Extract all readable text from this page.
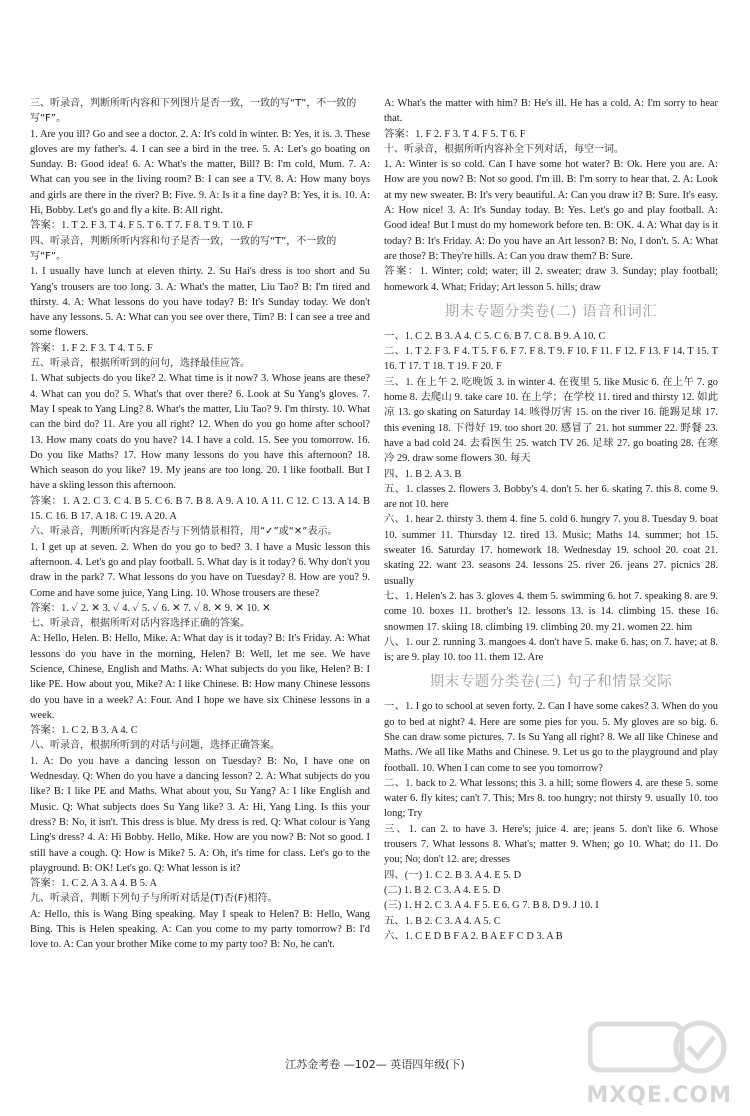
三、听录音，判断所听内容和下列图片是否一致，一致的写“T”，不一致的写“F”。
1. Are you ill? Go and see a doctor. 2. A: It's cold in winter. B: Yes, it is. 3. These gloves are my father's. 4. I can see a bird in the tree. 5. A: Let's go boating on Sunday. B: Good idea! 6. A: What's the matter, Bill? B: I'm cold, Mum. 7. A: What can you see in the living room? B: I can see a TV. 8. A: How many boys and girls are there in the river? B: Five. 9. A: Is it a fine day? B: Yes, it is. 10. A: Hi, Bobby. Let's go and fly a kite. B: All right.
答案：1. T 2. F 3. T 4. F 5. T 6. T 7. F 8. T 9. T 10. F
四、听录音，判断所听内容和句子是否一致，一致的写“T”，不一致的写“F”。
1. I usually have lunch at eleven thirty. 2. Su Hai's dress is too short and Su Yang's trousers are too long. 3. A: What's the matter, Liu Tao? B: I'm tired and thirsty. 4. A: What lessons do you have today? B: It's Sunday today. We don't have any lessons. 5. A: What can you see over there, Tim? B: I can see a tree and some flowers.
答案：1. F 2. F 3. T 4. T 5. F
五、听录音，根据所听到的问句，选择最佳应答。
1. What subjects do you like? 2. What time is it now? 3. Whose jeans are these? 4. What can you do? 5. What's that over there? 6. Look at Su Yang's gloves. 7. May I speak to Yang Ling? 8. What's the matter, Liu Tao? 9. I'm thirsty. 10. What can the bird do? 11. Are you all right? 12. When do you go home after school? 13. How many coats do you have? 14. I have a cold. 15. See you tomorrow. 16. Do you like Maths? 17. How many lessons do you have this afternoon? 18. Which season do you like? 19. My jeans are too long. 20. I like football. But I have a skiing lesson this afternoon.
答案：1. A 2. C 3. C 4. B 5. C 6. B 7. B 8. A 9. A 10. A 11. C 12. C 13. A 14. B 15. C 16. B 17. A 18. C 19. A 20. A
六、听录音，判断所听内容是否与下列情景相符，用“✓”或“✕”表示。
1. I get up at seven. 2. When do you go to bed? 3. I have a Music lesson this afternoon. 4. Let's go and play football. 5. What day is it today? 6. Why don't you draw in the park? 7. What lessons do you have on Tuesday? 8. How are you? 9. Come and have some juice, Yang Ling. 10. Whose trousers are these?
答案：1. ✓ 2. ✕ 3. ✓ 4. ✓ 5. ✓ 6. ✕ 7. ✓ 8. ✕ 9. ✕ 10. ✕
七、听录音，根据所听对话内容选择正确的答案。
A: Hello, Helen. B: Hello, Mike. A: What day is it today? B: It's Friday. A: What lessons do you have in the morning, Helen? B: Well, let me see. We have Science, Chinese, English and Maths. A: What subjects do you like, Helen? B: I like PE. How about you, Mike? A: I like Chinese. B: How many Chinese lessons do you have in a week? A: Four. And I hope we have six Chinese lessons in a week.
答案：1. C 2. B 3. A 4. C
八、听录音，根据所听到的对话与问题，选择正确答案。
1. A: Do you have a dancing lesson on Tuesday? B: No, I have one on Wednesday. Q: When do you have a dancing lesson? 2. A: What subjects do you like? B: I like PE and Maths. What about you, Su Yang? A: I like English and Music. Q: What subjects does Su Yang like? 3. A: Hi, Yang Ling. Is this your dress? B: No, it isn't. This dress is blue. My dress is red. Q: What colour is Yang Ling's dress? 4. A: Hi Bobby. Hello, Mike. How are you now? B: Not so good. I still have a cough. Q: How is Mike? 5. A: Oh, it's time for class. Let's go to the playground. B: OK! Let's go. Q: What lesson is it?
答案：1. C 2. A 3. A 4. B 5. A
九、听录音，判断下列句子与所听对话是(T)否(F)相符。
A: Hello, this is Wang Bing speaking. May I speak to Helen? B: Hello, Wang Bing. This is Helen speaking. A: Can you come to my party tomorrow? B: I'd love to. A: Can your brother Mike come to my party too? B: No, he can't.
A: What's the matter with him? B: He's ill. He has a cold. A: I'm sorry to hear that.
答案：1. F 2. F 3. T 4. F 5. T 6. F
十、听录音，根据所听内容补全下列对话，每空一词。
1. A: Winter is so cold. Can I have some hot water? B: Ok. Here you are. A: How are you now? B: Not so good. I'm ill. B: I'm sorry to hear that. 2. A: Look at my new sweater. B: It's very beautiful. A: Can you draw it? B: Sure. It's easy. A: How nice! 3. A: It's Sunday today. B: Yes. Let's go and play football. A: Good idea! But I must do my homework before ten. B: OK. 4. A: What day is it today? B: It's Friday. A: Do you have an Art lesson? B: No, I don't. 5. A: What are those? B: They're hills. A: Can you draw them? B: Sure.
答案：1. Winter; cold; water; ill 2. sweater; draw 3. Sunday; play football; homework 4. What; Friday; Art lesson 5. hills; draw
期末专题分类卷(二) 语音和词汇
一、1. C 2. B 3. A 4. C 5. C 6. B 7. C 8. B 9. A 10. C
二、1. T 2. F 3. F 4. T 5. F 6. F 7. F 8. T 9. F 10. F 11. F 12. F 13. F 14. T 15. T 16. T 17. T 18. T 19. F 20. F
三、1. 在上午 2. 吃晚饭 3. in winter 4. 在夜里 5. like Music 6. 在上午 7. go home 8. 去爬山 9. take care 10. 在上学；在学校 11. tired and thirsty 12. 如此凉 13. go skating on Saturday 14. 咳得厉害 15. on the river 16. 能踢足球 17. this evening 18. 下得好 19. too short 20. 感冒了 21. hot summer 22. 野餐 23. have a bad cold 24. 去看医生 25. watch TV 26. 足球 27. go boating 28. 在寒冷 29. draw some flowers 30. 每天
四、1. B 2. A 3. B
五、1. classes 2. flowers 3. Bobby's 4. don't 5. her 6. skating 7. this 8. come 9. are not 10. here
六、1. hear 2. thirsty 3. them 4. fine 5. cold 6. hungry 7. you 8. Tuesday 9. boat 10. summer 11. Thursday 12. tired 13. Music; Maths 14. summer; hot 15. sweater 16. Saturday 17. homework 18. Wednesday 19. school 20. coat 21. skating 22. want 23. seasons 24. lessons 25. river 26. jeans 27. picnics 28. usually
七、1. Helen's 2. has 3. gloves 4. them 5. swimming 6. hot 7. speaking 8. are 9. come 10. boxes 11. brother's 12. lessons 13. is 14. climbing 15. these 16. snowmen 17. skiing 18. climbing 19. climbing 20. my 21. women 22. him
八、1. our 2. running 3. mangoes 4. don't have 5. make 6. has; on 7. have; at 8. is; are 9. play 10. too 11. them 12. Are
期末专题分类卷(三) 句子和情景交际
一、1. I go to school at seven forty. 2. Can I have some cakes? 3. When do you go to bed at night? 4. Here are some pies for you. 5. My gloves are so big. 6. She can draw some pictures. 7. Is Su Yang all right? 8. We all like Chinese and Maths. /We all like Maths and Chinese. 9. Let us go to the playground and play football. 10. When I can come to see you tomorrow?
二、1. back to 2. What lessons; this 3. a hill; some flowers 4. are these 5. some water 6. fly kites; can't 7. This; Mrs 8. too hungry; not thirsty 9. usually 10. too long; Try
三、1. can 2. to have 3. Here's; juice 4. are; jeans 5. don't like 6. Whose trousers 7. What lessons 8. What's; matter 9. When; go 10. What; do 11. Do you; No; don't 12. are; dresses
四、(一) 1. C 2. B 3. A 4. E 5. D
(二) 1. B 2. C 3. A 4. E 5. D
(三) 1. H 2. C 3. A 4. F 5. E 6. G 7. B 8. D 9. J 10. I
五、1. B 2. C 3. A 4. A 5. C
六、1. C E D B F A 2. B A E F C D 3. A B
江苏金考卷 —102— 英语四年级(下)
MXQE.COM
